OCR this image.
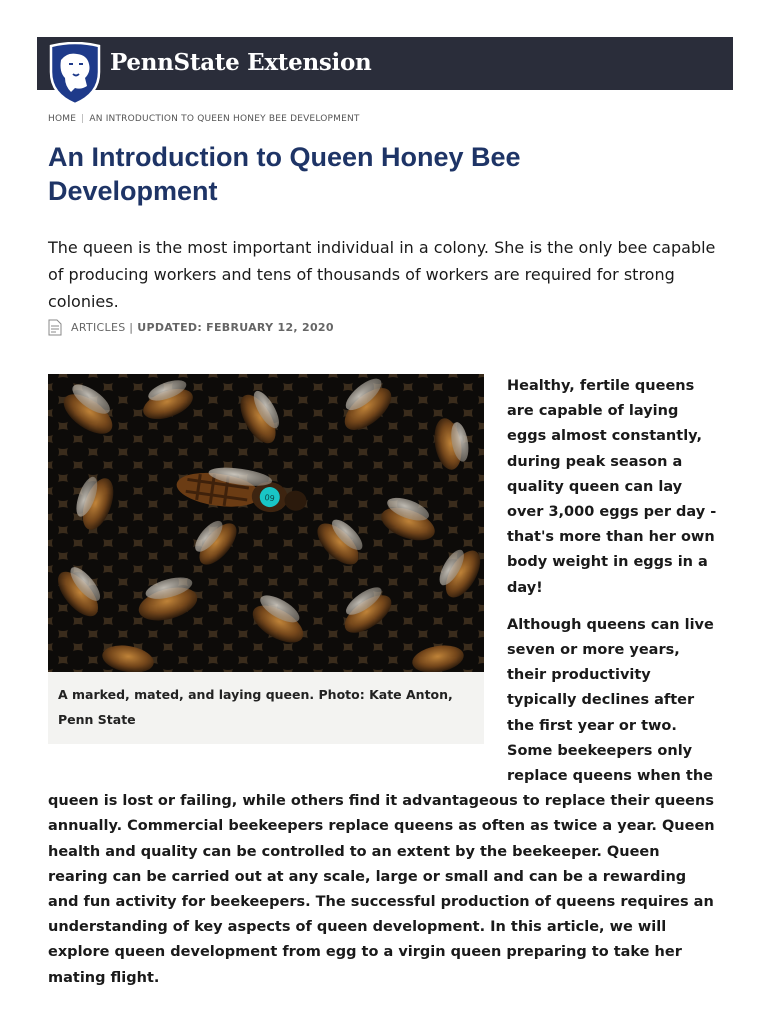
PennState Extension
HOME | AN INTRODUCTION TO QUEEN HONEY BEE DEVELOPMENT
An Introduction to Queen Honey Bee Development

The queen is the most important individual in a colony. She is the only bee capable of producing workers and tens of thousands of workers are required for strong colonies.

ARTICLES | UPDATED: FEBRUARY 12, 2020
09
A marked, mated, and laying queen. Photo: Kate Anton, Penn State

Healthy, fertile queens are capable of laying eggs almost constantly, during peak season a quality queen can lay over 3,000 eggs per day - that's more than her own body weight in eggs in a day!

Although queens can live seven or more years, their productivity typically declines after the first year or two. Some beekeepers only replace queens when the queen is lost or failing, while others find it advantageous to replace their queens annually. Commercial beekeepers replace queens as often as twice a year. Queen health and quality can be controlled to an extent by the beekeeper. Queen rearing can be carried out at any scale, large or small and can be a rewarding and fun activity for beekeepers. The successful production of queens requires an understanding of key aspects of queen development. In this article, we will explore queen development from egg to a virgin queen preparing to take her mating flight.
